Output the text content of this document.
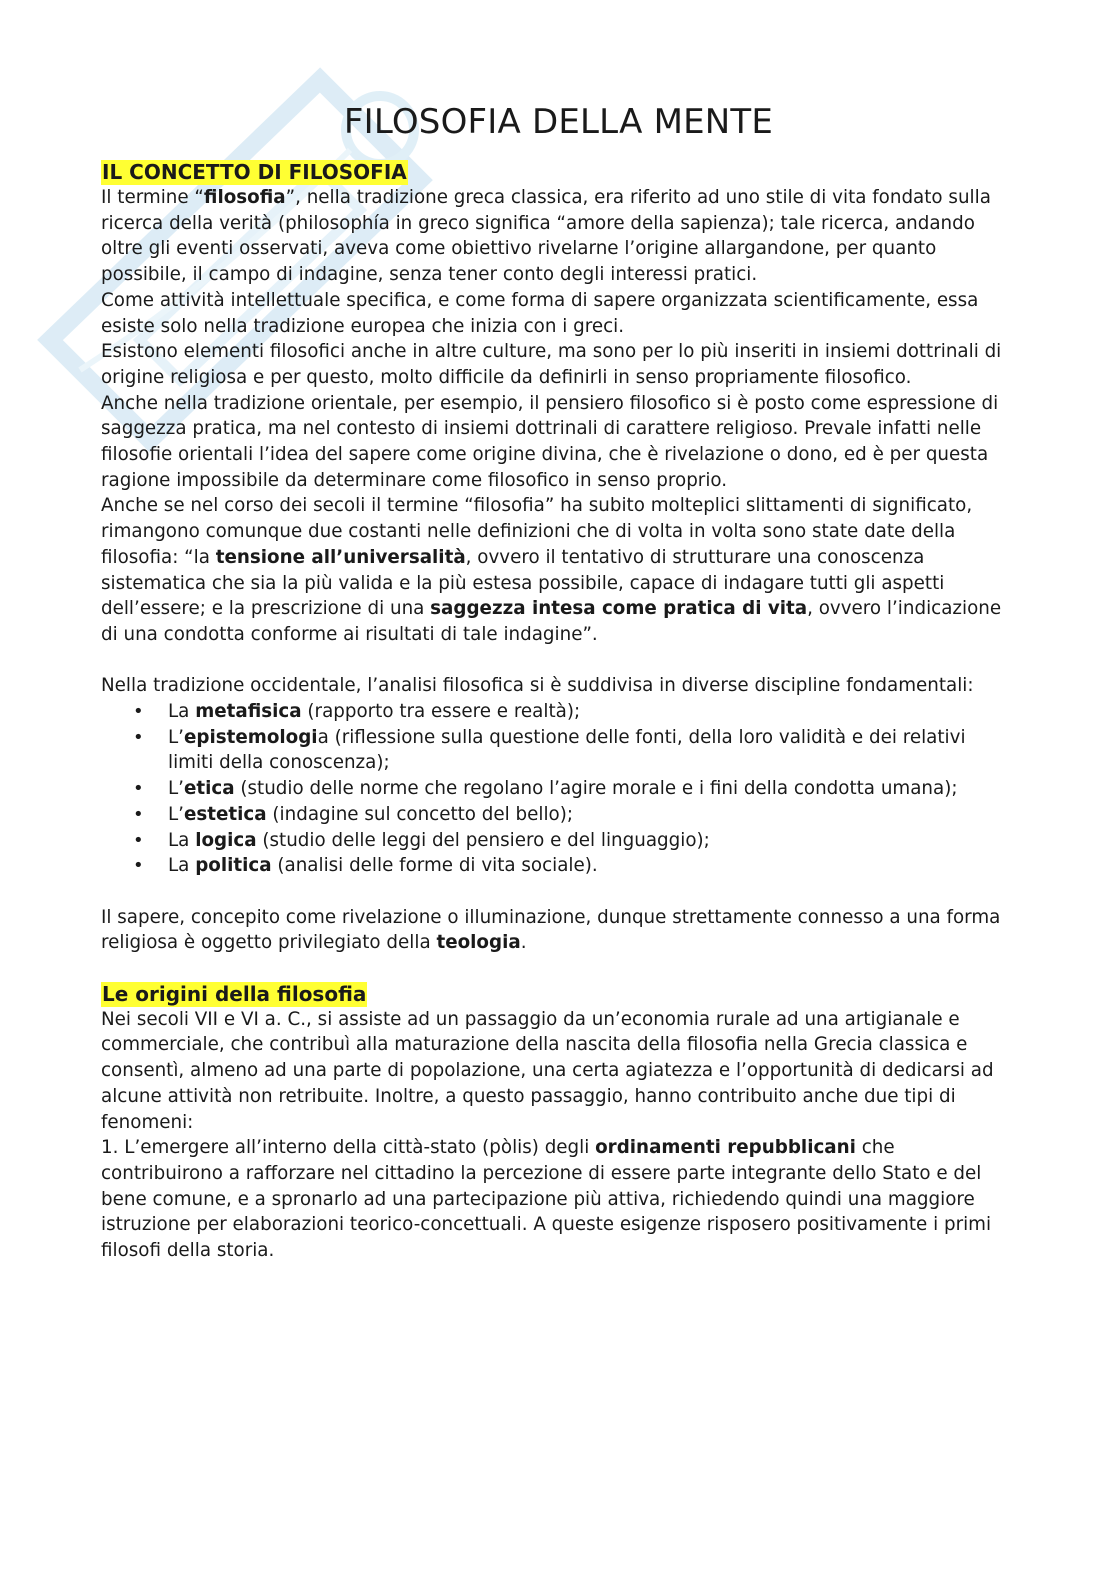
FILOSOFIA DELLA MENTE
IL CONCETTO DI FILOSOFIA

Il termine “filosofia”, nella tradizione greca classica, era riferito ad uno stile di vita fondato sulla ricerca della verità (philosophía in greco significa “amore della sapienza); tale ricerca, andando oltre gli eventi osservati, aveva come obiettivo rivelarne l’origine allargandone, per quanto possibile, il campo di indagine, senza tener conto degli interessi pratici.

Come attività intellettuale specifica, e come forma di sapere organizzata scientificamente, essa esiste solo nella tradizione europea che inizia con i greci.

Esistono elementi filosofici anche in altre culture, ma sono per lo più inseriti in insiemi dottrinali di origine religiosa e per questo, molto difficile da definirli in senso propriamente filosofico.

Anche nella tradizione orientale, per esempio, il pensiero filosofico si è posto come espressione di saggezza pratica, ma nel contesto di insiemi dottrinali di carattere religioso. Prevale infatti nelle filosofie orientali l’idea del sapere come origine divina, che è rivelazione o dono, ed è per questa ragione impossibile da determinare come filosofico in senso proprio.

Anche se nel corso dei secoli il termine “filosofia” ha subito molteplici slittamenti di significato, rimangono comunque due costanti nelle definizioni che di volta in volta sono state date della filosofia: “la tensione all’universalità, ovvero il tentativo di strutturare una conoscenza sistematica che sia la più valida e la più estesa possibile, capace di indagare tutti gli aspetti dell’essere; e la prescrizione di una saggezza intesa come pratica di vita, ovvero l’indicazione di una condotta conforme ai risultati di tale indagine”.

Nella tradizione occidentale, l’analisi filosofica si è suddivisa in diverse discipline fondamentali:

• La metafisica (rapporto tra essere e realtà);
• L’epistemologia (riflessione sulla questione delle fonti, della loro validità e dei relativi limiti della conoscenza);
• L’etica (studio delle norme che regolano l’agire morale e i fini della condotta umana);
• L’estetica (indagine sul concetto del bello);
• La logica (studio delle leggi del pensiero e del linguaggio);
• La politica (analisi delle forme di vita sociale).

Il sapere, concepito come rivelazione o illuminazione, dunque strettamente connesso a una forma religiosa è oggetto privilegiato della teologia.

Le origini della filosofia

Nei secoli VII e VI a. C., si assiste ad un passaggio da un’economia rurale ad una artigianale e commerciale, che contribuì alla maturazione della nascita della filosofia nella Grecia classica e consentì, almeno ad una parte di popolazione, una certa agiatezza e l’opportunità di dedicarsi ad alcune attività non retribuite. Inoltre, a questo passaggio, hanno contribuito anche due tipi di fenomeni:

1. L’emergere all’interno della città-stato (pòlis) degli ordinamenti repubblicani che contribuirono a rafforzare nel cittadino la percezione di essere parte integrante dello Stato e del bene comune, e a spronarlo ad una partecipazione più attiva, richiedendo quindi una maggiore istruzione per elaborazioni teorico-concettuali. A queste esigenze risposero positivamente i primi filosofi della storia.
